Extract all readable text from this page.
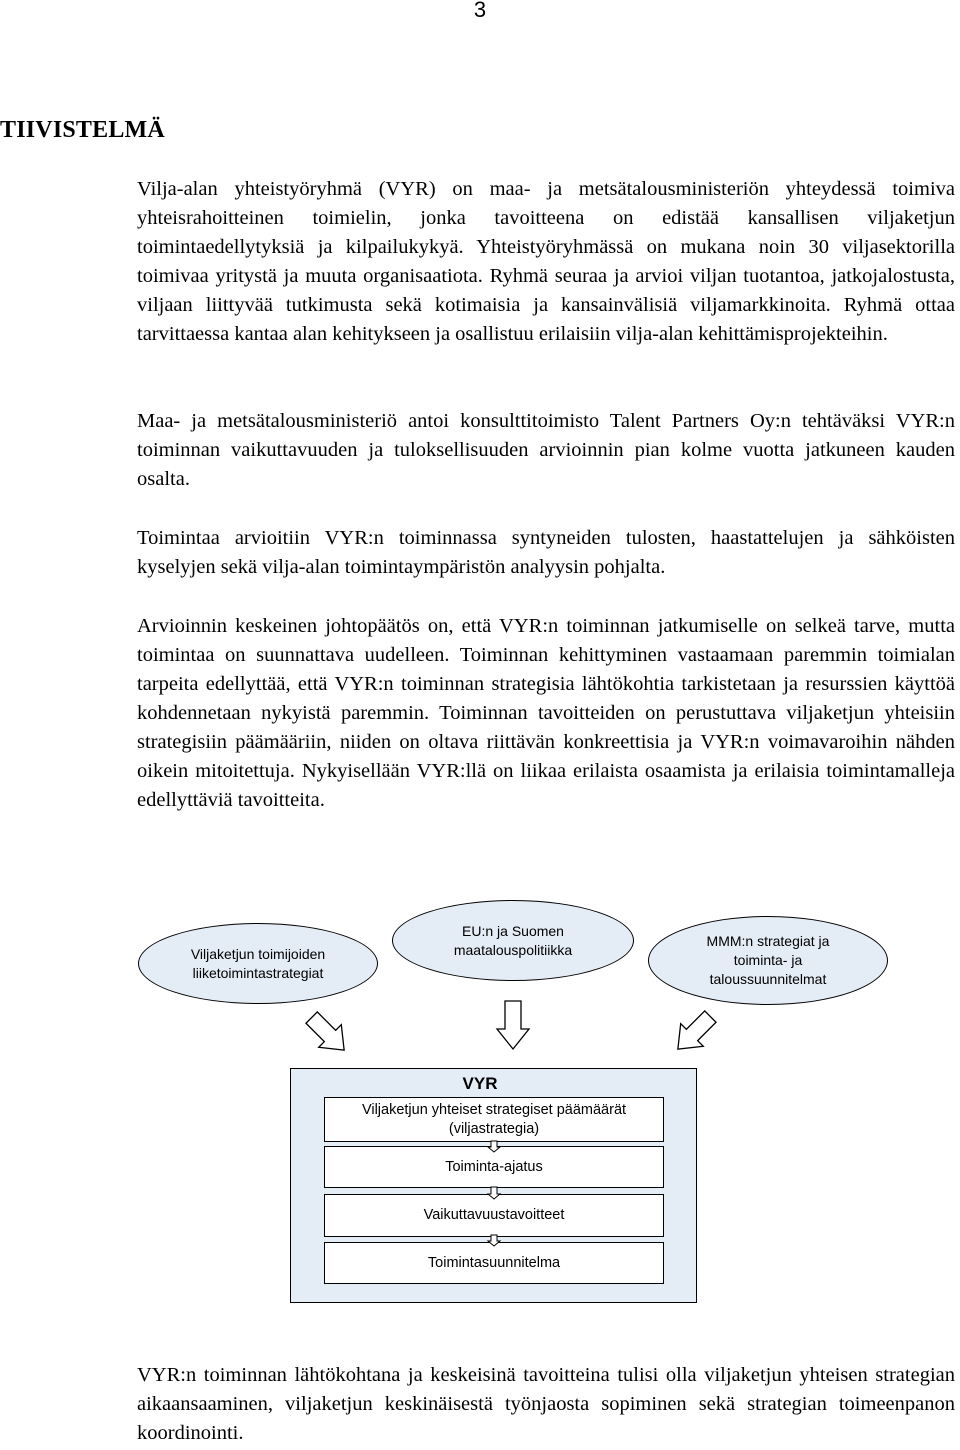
3
TIIVISTELMÄ

Vilja-alan yhteistyöryhmä (VYR) on maa- ja metsätalousministeriön yhteydessä toimiva yhteisrahoitteinen toimielin, jonka tavoitteena on edistää kansallisen viljaketjun toimintaedellytyksiä ja kilpailukykyä. Yhteistyöryhmässä on mukana noin 30 viljasektorilla toimivaa yritystä ja muuta organisaatiota. Ryhmä seuraa ja arvioi viljan tuotantoa, jatkojalostusta, viljaan liittyvää tutkimusta sekä kotimaisia ja kansainvälisiä viljamarkkinoita. Ryhmä ottaa tarvittaessa kantaa alan kehitykseen ja osallistuu erilaisiin vilja-alan kehittämisprojekteihin.

Maa- ja metsätalousministeriö antoi konsulttitoimisto Talent Partners Oy:n tehtäväksi VYR:n toiminnan vaikuttavuuden ja tuloksellisuuden arvioinnin pian kolme vuotta jatkuneen kauden osalta.

Toimintaa arvioitiin VYR:n toiminnassa syntyneiden tulosten, haastattelujen ja sähköisten kyselyjen sekä vilja-alan toimintaympäristön analyysin pohjalta.

Arvioinnin keskeinen johtopäätös on, että VYR:n toiminnan jatkumiselle on selkeä tarve, mutta toimintaa on suunnattava uudelleen. Toiminnan kehittyminen vastaamaan paremmin toimialan tarpeita edellyttää, että VYR:n toiminnan strategisia lähtökohtia tarkistetaan ja resurssien käyttöä kohdennetaan nykyistä paremmin. Toiminnan tavoitteiden on perustuttava viljaketjun yhteisiin strategisiin päämääriin, niiden on oltava riittävän konkreettisia ja VYR:n voimavaroihin nähden oikein mitoitettuja. Nykyisellään VYR:llä on liikaa erilaista osaamista ja erilaisia toimintamalleja edellyttäviä tavoitteita.

Viljaketjun toimijoiden liiketoimintastrategiat
EU:n ja Suomen maatalouspolitiikka
MMM:n strategiat ja toiminta- ja taloussuunnitelmat
VYR
Viljaketjun yhteiset strategiset päämäärät (viljastrategia)
Toiminta-ajatus
Vaikuttavuustavoitteet
Toimintasuunnitelma

VYR:n toiminnan lähtökohtana ja keskeisinä tavoitteina tulisi olla viljaketjun yhteisen strategian aikaansaaminen, viljaketjun keskinäisestä työnjaosta sopiminen sekä strategian toimeenpanon koordinointi.
